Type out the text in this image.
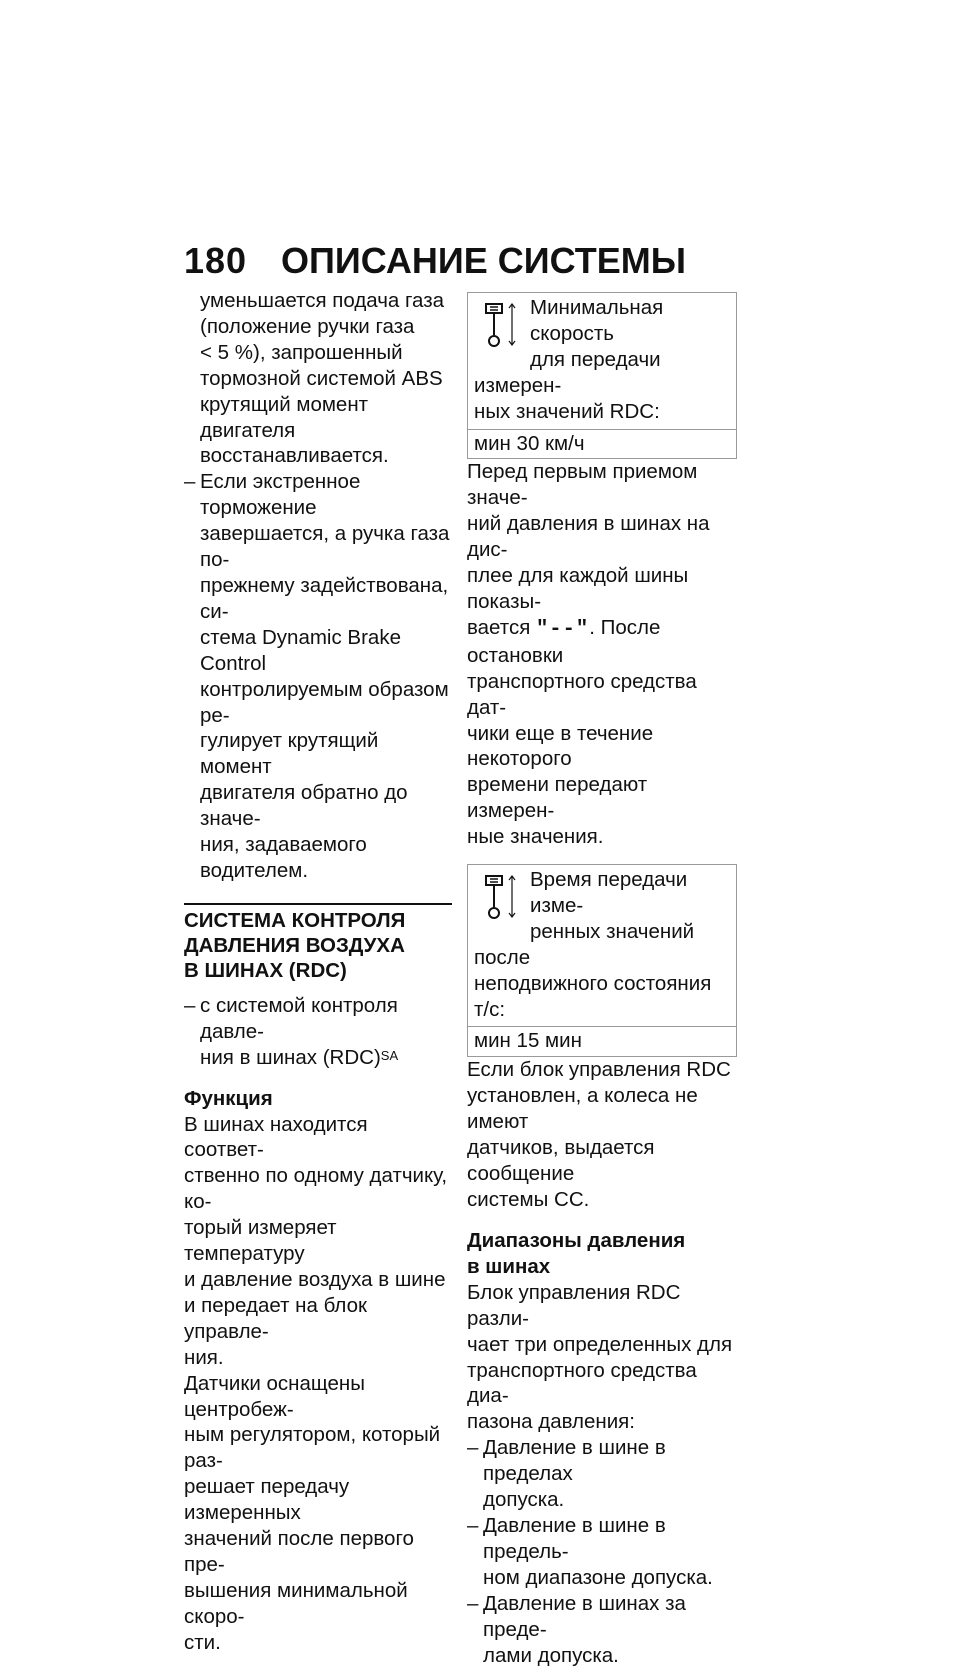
180 ОПИСАНИЕ СИСТЕМЫ
уменьшается подача газа
(положение ручки газа
< 5 %), запрошенный
тормозной системой ABS
крутящий момент двигателя
восстанавливается.
– Если экстренное торможение
завершается, а ручка газа по-
прежнему задействована, си-
стема Dynamic Brake Control
контролируемым образом ре-
гулирует крутящий момент
двигателя обратно до значе-
ния, задаваемого водителем.
СИСТЕМА КОНТРОЛЯ
ДАВЛЕНИЯ ВОЗДУХА
В ШИНАХ (RDC)
– с системой контроля давле-
ния в шинах (RDC)$^{SA}$
Функция
В шинах находится соответ-
ственно по одному датчику, ко-
торый измеряет температуру
и давление воздуха в шине
и передает на блок управле-
ния.
Датчики оснащены центробеж-
ным регулятором, который раз-
решает передачу измеренных
значений после первого пре-
вышения минимальной скоро-
сти.
Минимальная скорость
для передачи измерен-
ных значений RDC:
мин 30 км/ч
Перед первым приемом значе-
ний давления в шинах на дис-
плее для каждой шины показы-
вается "--". После остановки
транспортного средства дат-
чики еще в течение некоторого
времени передают измерен-
ные значения.
Время передачи изме-
ренных значений после
неподвижного состояния т/с:
мин 15 мин
Если блок управления RDC
установлен, а колеса не имеют
датчиков, выдается сообщение
системы CC.
Диапазоны давления
в шинах
Блок управления RDC разли-
чает три определенных для
транспортного средства диа-
пазона давления:
– Давление в шине в пределах
допуска.
– Давление в шине в предель-
ном диапазоне допуска.
– Давление в шинах за преде-
лами допуска.
